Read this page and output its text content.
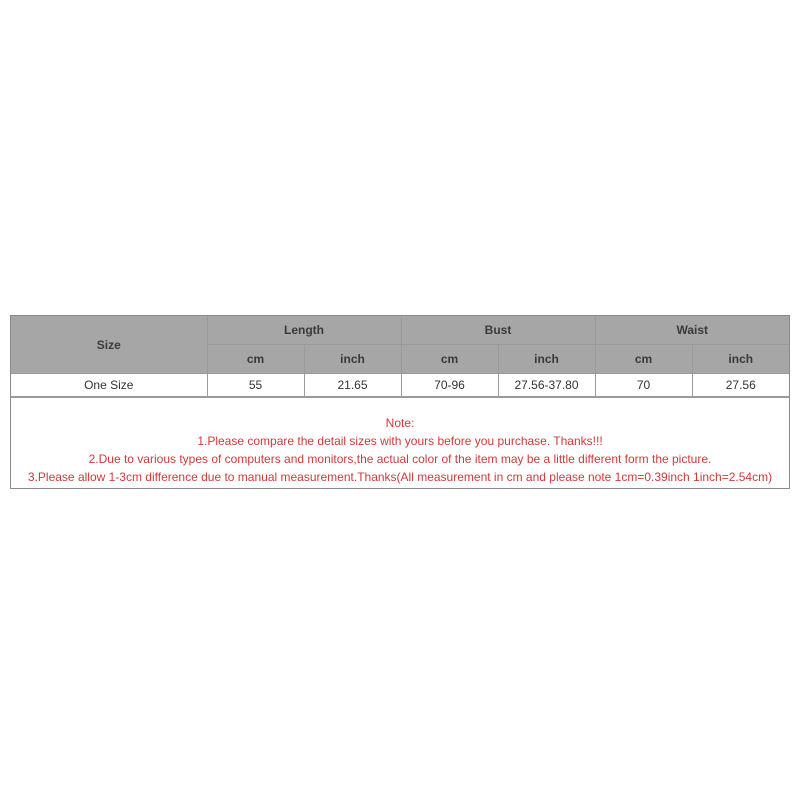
Size	Length		Bust		Waist	
	cm	inch	cm	inch	cm	inch
One Size	55	21.65	70-96	27.56-37.80	70	27.56
Note:
1.Please compare the detail sizes with yours before you purchase. Thanks!!!
2.Due to various types of computers and monitors,the actual color of the item may be a little different form the picture.
3.Please allow 1-3cm difference due to manual measurement.Thanks(All measurement in cm and please note 1cm=0.39inch 1inch=2.54cm)
